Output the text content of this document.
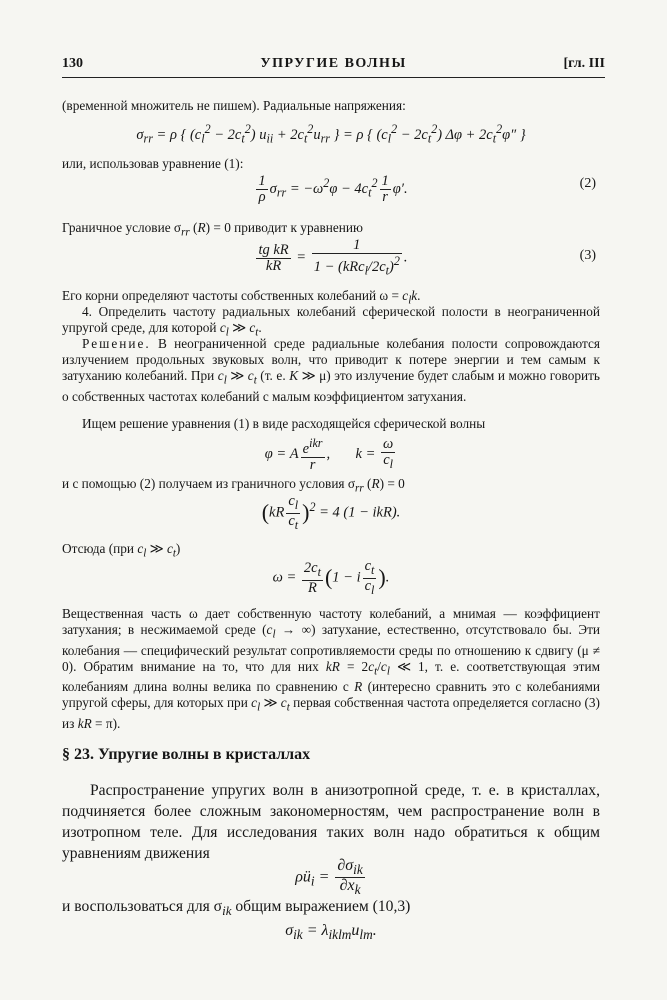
130	УПРУГИЕ ВОЛНЫ	[гл. III
(временной множитель не пишем). Радиальные напряжения:
$\sigma_{rr} = \rho$ { $(c_l^2 - 2c_t^2) u_{ii} + 2c_t^2u_{rr}$ } = ρ { $(c_l^2 - 2c_t^2) \Delta\varphi + 2c_t^2\varphi''$ }
или, использовав уравнение (1):
$\frac{1}{\rho} \sigma_{rr} = -\omega^2\varphi - 4c_t^2 \frac{1}{r} \varphi'$.	(2)
Граничное условие $\sigma_{rr}$ (R) = 0 приводит к уравнению
$\frac{\text{tg kR}}{kR} = \frac{1}{1 - (kRc_l/2c_t)^2}$ .	(3)
Его корни определяют частоты собственных колебаний $\omega = c_lk$.
4. Определить частоту радиальных колебаний сферической полости в неограниченной упругой среде, для которой $c_l$ ≫ $c_t$.
Решение. В неограниченной среде радиальные колебания полости сопровождаются излучением продольных звуковых волн, что приводит к потере энергии и тем самым к затуханию колебаний. При $c_l$ ≫ $c_t$ (т. е. K ≫ μ) это излучение будет слабым и можно говорить о собственных частотах колебаний с малым коэффициентом затухания.
Ищем решение уравнения (1) в виде расходящейся сферической волны
φ = A $\frac{e^{ikr}}{r}$ ,       $k = \frac{\omega}{c_l}$
и с помощью (2) получаем из граничного условия $\sigma_{rr}$ (R) = 0
$(kR \frac{c_l}{c_t} )^2 = 4$ (1 − ikR).
Отсюда (при $c_l$ ≫ $c_t$)
$\omega = \frac{2c_t}{R} (1 - i \frac{c_t}{c_l}$ ).
Вещественная часть ω дает собственную частоту колебаний, а мнимая — коэффициент затухания; в несжимаемой среде ($c_l$ → ∞) затухание, естественно, отсутствовало бы. Эти колебания — специфический результат сопротивляемости среды по отношению к сдвигу (μ ≠ 0). Обратим внимание на то, что для них kR = $2c_t/c_l$ ≪ 1, т. е. соответствующая этим колебаниям длина волны велика по сравнению с R (интересно сравнить это с колебаниями упругой сферы, для которых при $c_l$ ≫ $c_t$ первая собственная частота определяется согласно (3) из kR = π).
§ 23. Упругие волны в кристаллах
Распространение упругих волн в анизотропной среде, т. е. в кристаллах, подчиняется более сложным закономерностям, чем распространение волн в изотропном теле. Для исследования таких волн надо обратиться к общим уравнениям движения
$\rho ü_i = \frac{\partial\sigma_{ik}}{\partial x_k}$
и воспользоваться для $\sigma_{ik}$ общим выражением (10,3)
$\sigma_{ik} = \lambda_{iklm}u_{lm}$.
